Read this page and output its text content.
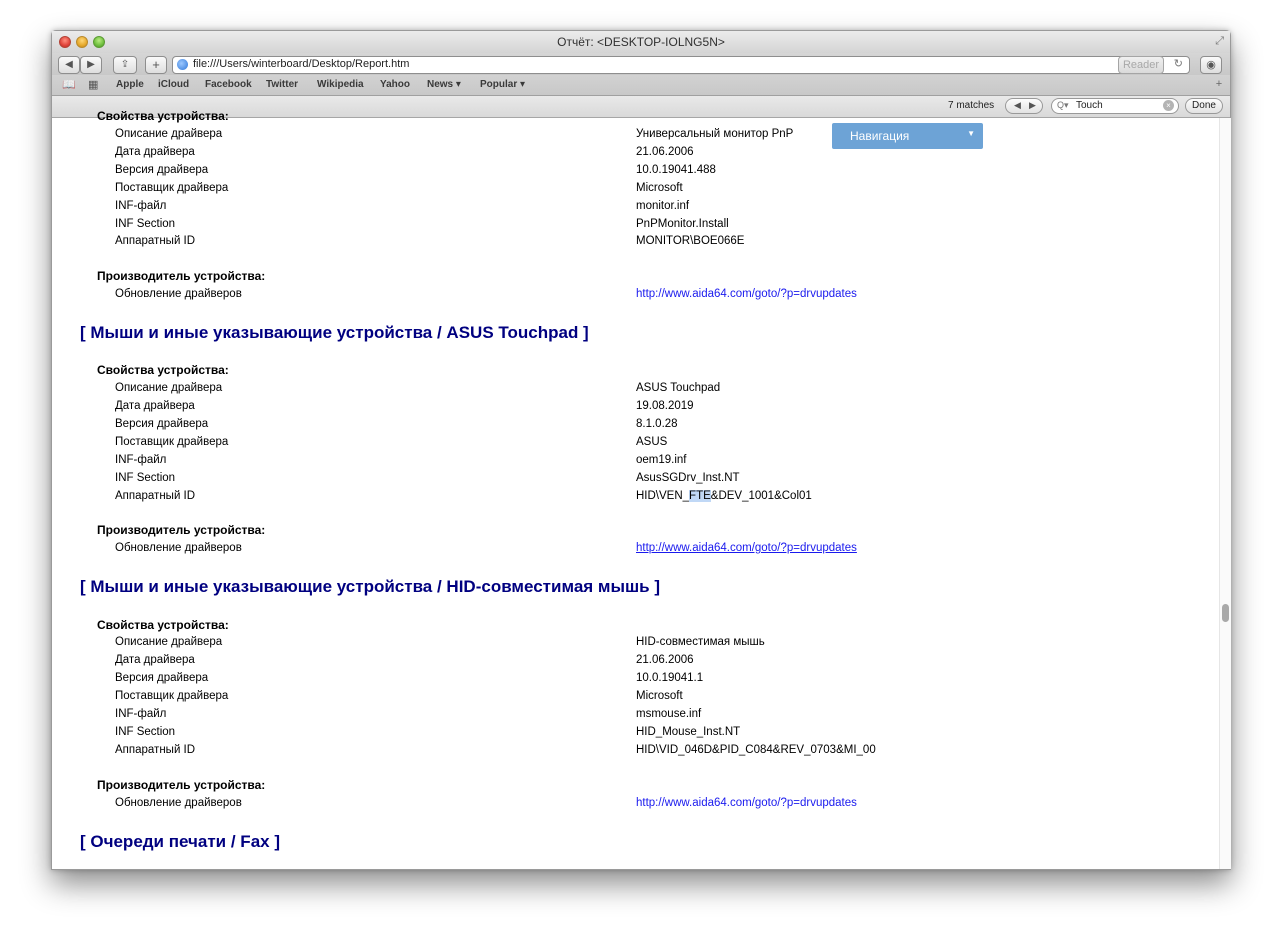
Отчёт: <DESKTOP-IOLNG5N>	⤢
◀	▶	⇪	+	file:///Users/winterboard/Desktop/Report.htm	↻
Reader	◉
📖 ▦ Apple iCloud Facebook Twitter Wikipedia Yahoo News ▾ Popular ▾	+
7 matches ◀ ▶ Q▾ Touch	×	Done
Навигация	▼
Свойства устройства:
Описание драйвера	Универсальный монитор PnP
Дата драйвера	21.06.2006
Версия драйвера	10.0.19041.488
Поставщик драйвера	Microsoft
INF-файл	monitor.inf
INF Section	PnPMonitor.Install
Аппаратный ID	MONITOR\BOE066E
Производитель устройства:
Обновление драйверов	http://www.aida64.com/goto/?p=drvupdates
[ Мыши и иные указывающие устройства / ASUS Touchpad ]
Свойства устройства:
Описание драйвера	ASUS Touchpad
Дата драйвера	19.08.2019
Версия драйвера	8.1.0.28
Поставщик драйвера	ASUS
INF-файл	oem19.inf
INF Section	AsusSGDrv_Inst.NT
Аппаратный ID	HID\VEN_FTE&DEV_1001&Col01
Производитель устройства:
Обновление драйверов	http://www.aida64.com/goto/?p=drvupdates
[ Мыши и иные указывающие устройства / HID-совместимая мышь ]
Свойства устройства:
Описание драйвера	HID-совместимая мышь
Дата драйвера	21.06.2006
Версия драйвера	10.0.19041.1
Поставщик драйвера	Microsoft
INF-файл	msmouse.inf
INF Section	HID_Mouse_Inst.NT
Аппаратный ID	HID\VID_046D&PID_C084&REV_0703&MI_00
Производитель устройства:
Обновление драйверов	http://www.aida64.com/goto/?p=drvupdates
[ Очереди печати / Fax ]
